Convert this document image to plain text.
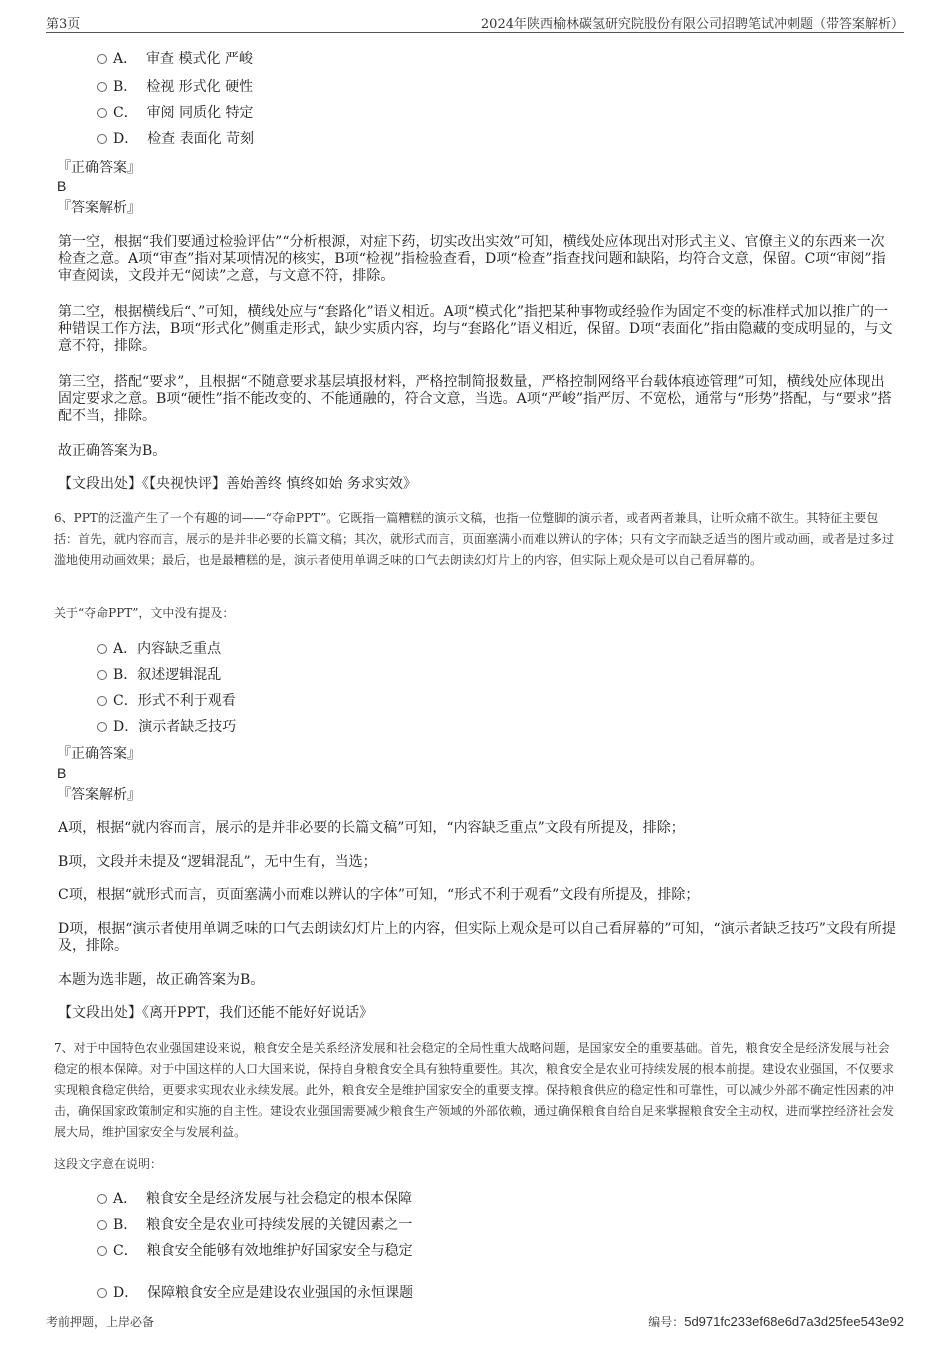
第3页	2024年陕西榆林碳氢研究院股份有限公司招聘笔试冲刺题（带答案解析）
A． 审查 模式化 严峻
B． 检视 形式化 硬性
C． 审阅 同质化 特定
D． 检查 表面化 苛刻
『正确答案』
B
『答案解析』
第一空，根据“我们要通过检验评估”“分析根源，对症下药，切实改出实效”可知，横线处应体现出对形式主义、官僚主义的东西来一次检查之意。A项“审查”指对某项情况的核实，B项“检视”指检验查看，D项“检查”指查找问题和缺陷，均符合文意，保留。C项“审阅”指审查阅读，文段并无“阅读”之意，与文意不符，排除。
第二空，根据横线后“、”可知，横线处应与“套路化”语义相近。A项“模式化”指把某种事物或经验作为固定不变的标准样式加以推广的一种错误工作方法，B项“形式化”侧重走形式，缺少实质内容，均与“套路化”语义相近，保留。D项“表面化”指由隐藏的变成明显的，与文意不符，排除。
第三空，搭配“要求”，且根据“不随意要求基层填报材料，严格控制简报数量，严格控制网络平台载体痕迹管理”可知，横线处应体现出固定要求之意。B项“硬性”指不能改变的、不能通融的，符合文意，当选。A项“严峻”指严厉、不宽松，通常与“形势”搭配，与“要求”搭配不当，排除。
故正确答案为B。
【文段出处】《【央视快评】善始善终 慎终如始 务求实效》
6、PPT的泛滥产生了一个有趣的词——“夺命PPT”。它既指一篇糟糕的演示文稿，也指一位蹩脚的演示者，或者两者兼具，让听众痛不欲生。其特征主要包括：首先，就内容而言，展示的是并非必要的长篇文稿；其次，就形式而言，页面塞满小而难以辨认的字体；只有文字而缺乏适当的图片或动画，或者是过多过滥地使用动画效果；最后，也是最糟糕的是，演示者使用单调乏味的口气去朗读幻灯片上的内容，但实际上观众是可以自己看屏幕的。
关于“夺命PPT”，文中没有提及：
A．内容缺乏重点
B．叙述逻辑混乱
C．形式不利于观看
D．演示者缺乏技巧
『正确答案』
B
『答案解析』
A项，根据“就内容而言，展示的是并非必要的长篇文稿”可知，“内容缺乏重点”文段有所提及，排除；
B项，文段并未提及“逻辑混乱”，无中生有，当选；
C项，根据“就形式而言，页面塞满小而难以辨认的字体”可知，“形式不利于观看”文段有所提及，排除；
D项，根据“演示者使用单调乏味的口气去朗读幻灯片上的内容，但实际上观众是可以自己看屏幕的”可知，“演示者缺乏技巧”文段有所提及，排除。
本题为选非题，故正确答案为B。
【文段出处】《离开PPT，我们还能不能好好说话》
7、对于中国特色农业强国建设来说，粮食安全是关系经济发展和社会稳定的全局性重大战略问题，是国家安全的重要基础。首先，粮食安全是经济发展与社会稳定的根本保障。对于中国这样的人口大国来说，保持自身粮食安全具有独特重要性。其次，粮食安全是农业可持续发展的根本前提。建设农业强国，不仅要求实现粮食稳定供给，更要求实现农业永续发展。此外，粮食安全是维护国家安全的重要支撑。保持粮食供应的稳定性和可靠性，可以减少外部不确定性因素的冲击，确保国家政策制定和实施的自主性。建设农业强国需要减少粮食生产领域的外部依赖，通过确保粮食自给自足来掌握粮食安全主动权，进而掌控经济社会发展大局，维护国家安全与发展利益。
这段文字意在说明：
A． 粮食安全是经济发展与社会稳定的根本保障
B． 粮食安全是农业可持续发展的关键因素之一
C． 粮食安全能够有效地维护好国家安全与稳定
D． 保障粮食安全应是建设农业强国的永恒课题
考前押题，上岸必备	编号：5d971fc233ef68e6d7a3d25fee543e92
